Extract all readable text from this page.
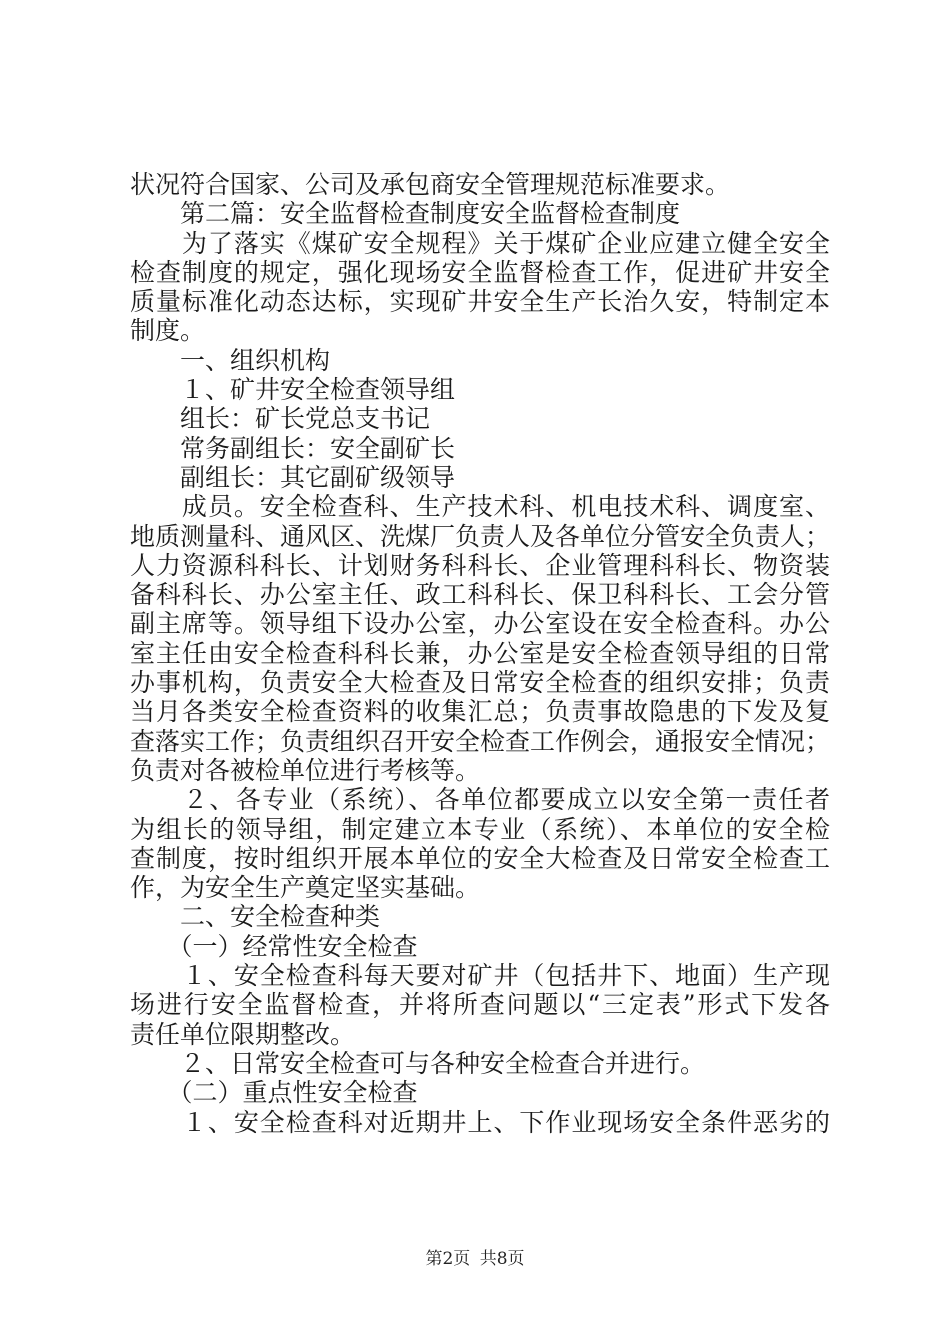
状况符合国家、公司及承包商安全管理规范标准要求。
　　第二篇：安全监督检查制度安全监督检查制度
　　为了落实《煤矿安全规程》关于煤矿企业应建立健全安全
检查制度的规定，强化现场安全监督检查工作，促进矿井安全
质量标准化动态达标，实现矿井安全生产长治久安，特制定本
制度。
　　一、组织机构
　　１、矿井安全检查领导组
　　组长：矿长党总支书记
　　常务副组长：安全副矿长
　　副组长：其它副矿级领导
　　成员。安全检查科、生产技术科、机电技术科、调度室、
地质测量科、通风区、洗煤厂负责人及各单位分管安全负责人；
人力资源科科长、计划财务科科长、企业管理科科长、物资装
备科科长、办公室主任、政工科科长、保卫科科长、工会分管
副主席等。领导组下设办公室，办公室设在安全检查科。办公
室主任由安全检查科科长兼，办公室是安全检查领导组的日常
办事机构，负责安全大检查及日常安全检查的组织安排；负责
当月各类安全检查资料的收集汇总；负责事故隐患的下发及复
查落实工作；负责组织召开安全检查工作例会，通报安全情况；
负责对各被检单位进行考核等。
　　２、各专业（系统）、各单位都要成立以安全第一责任者
为组长的领导组，制定建立本专业（系统）、本单位的安全检
查制度，按时组织开展本单位的安全大检查及日常安全检查工
作，为安全生产奠定坚实基础。
　　二、安全检查种类
　　（一）经常性安全检查
　　１、安全检查科每天要对矿井（包括井下、地面）生产现
场进行安全监督检查，并将所查问题以“三定表”形式下发各
责任单位限期整改。
　　２、日常安全检查可与各种安全检查合并进行。
　　（二）重点性安全检查
　　１、安全检查科对近期井上、下作业现场安全条件恶劣的
第2页 共8页
